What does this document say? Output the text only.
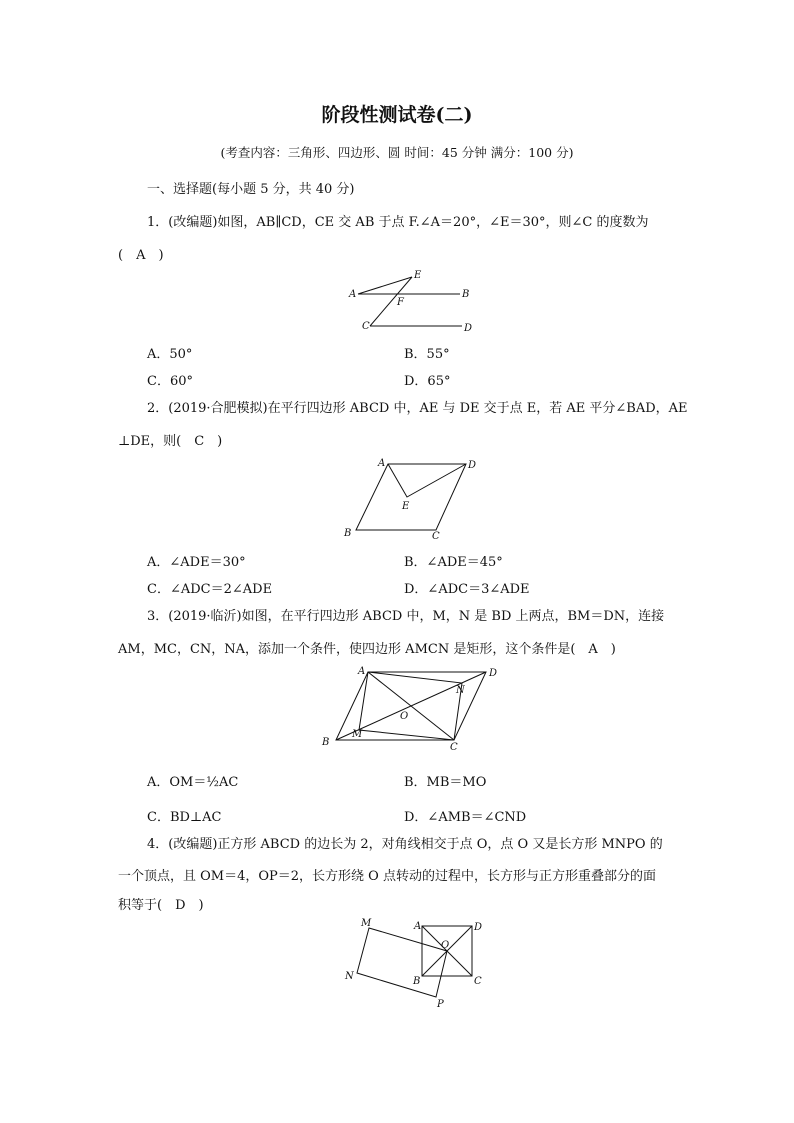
阶段性测试卷(二)
(考查内容：三角形、四边形、圆 时间：45 分钟 满分：100 分)
一、选择题(每小题 5 分，共 40 分)
1．(改编题)如图，AB∥CD，CE 交 AB 于点 F.∠A＝20°，∠E＝30°，则∠C 的度数为
(　A　)
A
E
F
B
C	D
A．50°	B．55°
C．60°	D．65°
2．(2019·合肥模拟)在平行四边形 ABCD 中，AE 与 DE 交于点 E，若 AE 平分∠BAD，AE
⊥DE，则(　C　)
A	D
E
B	C
A．∠ADE＝30°	B．∠ADE＝45°
C．∠ADC＝2∠ADE	D．∠ADC＝3∠ADE
3．(2019·临沂)如图，在平行四边形 ABCD 中，M，N 是 BD 上两点，BM＝DN，连接
AM，MC，CN，NA，添加一个条件，使四边形 AMCN 是矩形，这个条件是(　A　)
A	D
N
O
M
B	C
A．OM＝½AC	B．MB＝MO
C．BD⊥AC	D．∠AMB＝∠CND
4．(改编题)正方形 ABCD 的边长为 2，对角线相交于点 O，点 O 又是长方形 MNPO 的
一个顶点，且 OM＝4，OP＝2，长方形绕 O 点转动的过程中，长方形与正方形重叠部分的面
积等于(　D　)
M	A	D
O
N	B	C
P
